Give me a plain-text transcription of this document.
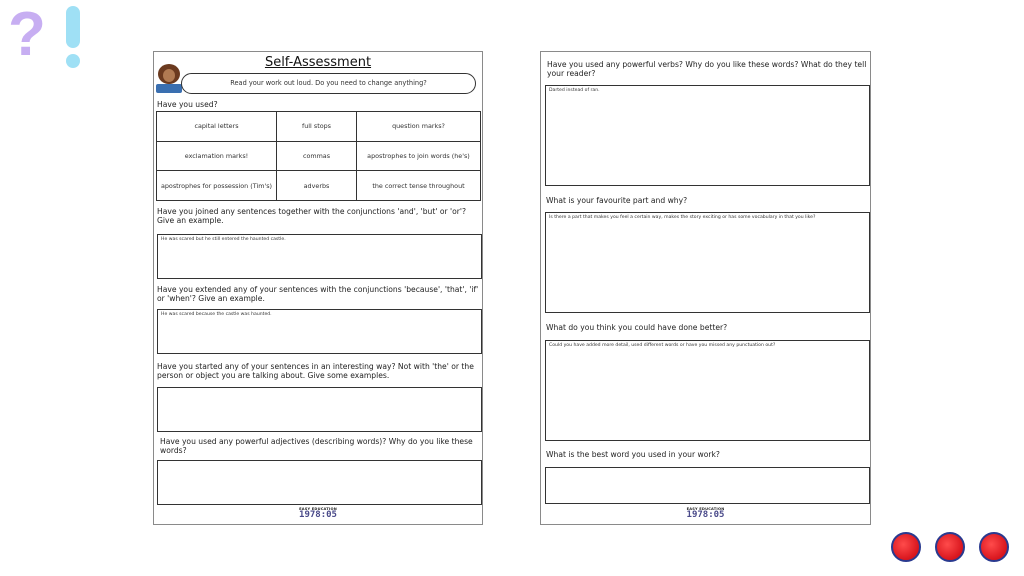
?	Self-Assessment
Read your work out loud. Do you need to change anything?
Have you used?
capital letters	full stops	question marks?
exclamation marks!	commas	apostrophes to join words (he's)
apostrophes for possession (Tim's)	adverbs	the correct tense throughout
Have you joined any sentences together with the conjunctions 'and', 'but' or 'or'? Give an example.
He was scared but he still entered the haunted castle.
Have you extended any of your sentences with the conjunctions 'because', 'that', 'if' or 'when'? Give an example.
He was scared because the castle was haunted.
Have you started any of your sentences in an interesting way? Not with 'the' or the person or object you are talking about. Give some examples.
Have you used any powerful adjectives (describing words)? Why do you like these words?
EASY EDUCATION
1978:05
Have you used any powerful verbs? Why do you like these words? What do they tell your reader?
Darted instead of ran.
What is your favourite part and why?
Is there a part that makes you feel a certain way, makes the story exciting or has some vocabulary in that you like?
What do you think you could have done better?
Could you have added more detail, used different words or have you missed any punctuation out?
What is the best word you used in your work?
EASY EDUCATION
1978:05
